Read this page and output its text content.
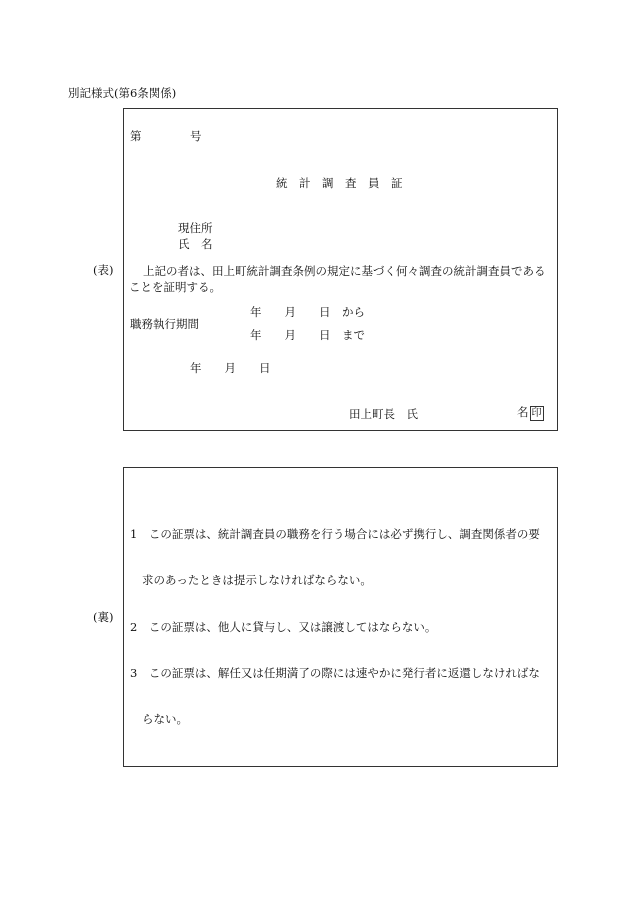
別記様式(第6条関係)
(表)
第	号
統　計　調　査　員　証
現住所
氏　名
上記の者は、田上町統計調査条例の規定に基づく何々調査の統計調査員であることを証明する。
職務執行期間
年　　月　　日　から
年　　月　　日　まで
年　　月　　日
田上町長　氏	名 印
(裏)
1　この証票は、統計調査員の職務を行う場合には必ず携行し、調査関係者の要
求のあったときは提示しなければならない。
2　この証票は、他人に貸与し、又は譲渡してはならない。
3　この証票は、解任又は任期満了の際には速やかに発行者に返還しなければな
らない。
